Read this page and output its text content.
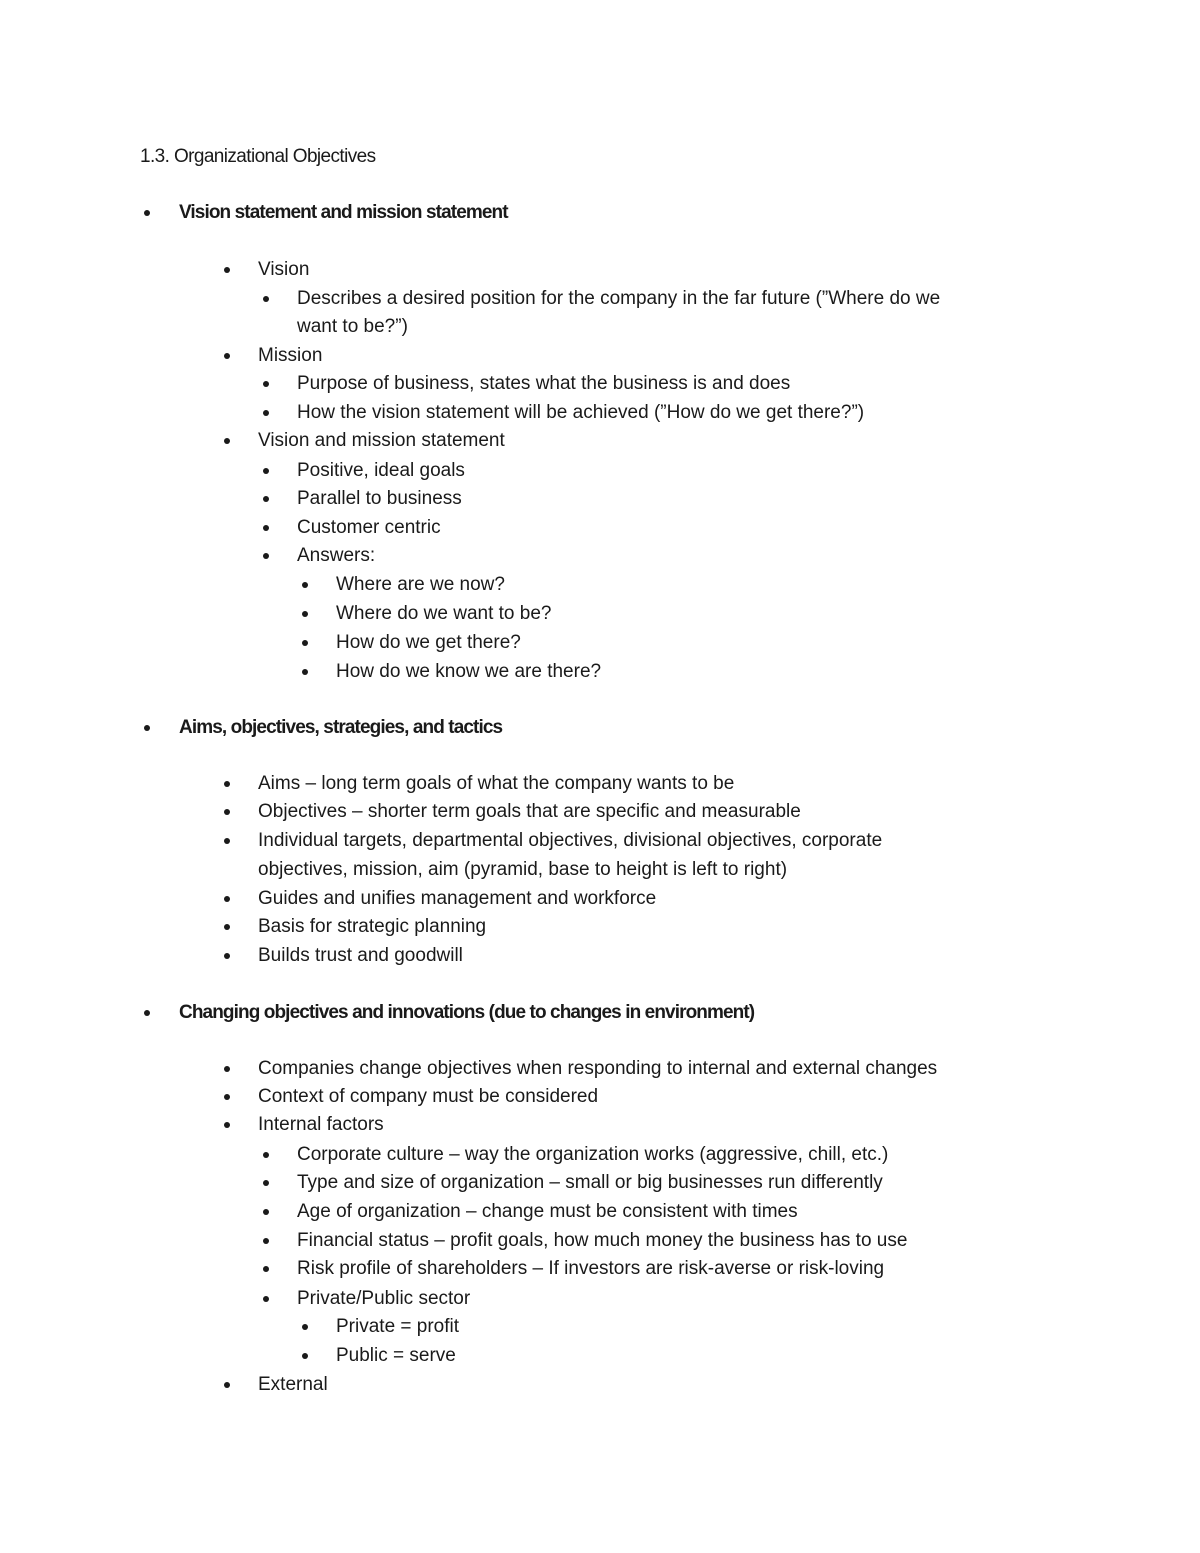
1.3. Organizational Objectives
Vision statement and mission statement
Vision
Describes a desired position for the company in the far future (”Where do we
want to be?”)
Mission
Purpose of business, states what the business is and does
How the vision statement will be achieved (”How do we get there?”)
Vision and mission statement
Positive, ideal goals
Parallel to business
Customer centric
Answers:
Where are we now?
Where do we want to be?
How do we get there?
How do we know we are there?
Aims, objectives, strategies, and tactics
Aims – long term goals of what the company wants to be
Objectives – shorter term goals that are specific and measurable
Individual targets, departmental objectives, divisional objectives, corporate
objectives, mission, aim (pyramid, base to height is left to right)
Guides and unifies management and workforce
Basis for strategic planning
Builds trust and goodwill
Changing objectives and innovations (due to changes in environment)
Companies change objectives when responding to internal and external changes
Context of company must be considered
Internal factors
Corporate culture – way the organization works (aggressive, chill, etc.)
Type and size of organization – small or big businesses run differently
Age of organization – change must be consistent with times
Financial status – profit goals, how much money the business has to use
Risk profile of shareholders – If investors are risk-averse or risk-loving
Private/Public sector
Private = profit
Public = serve
External
